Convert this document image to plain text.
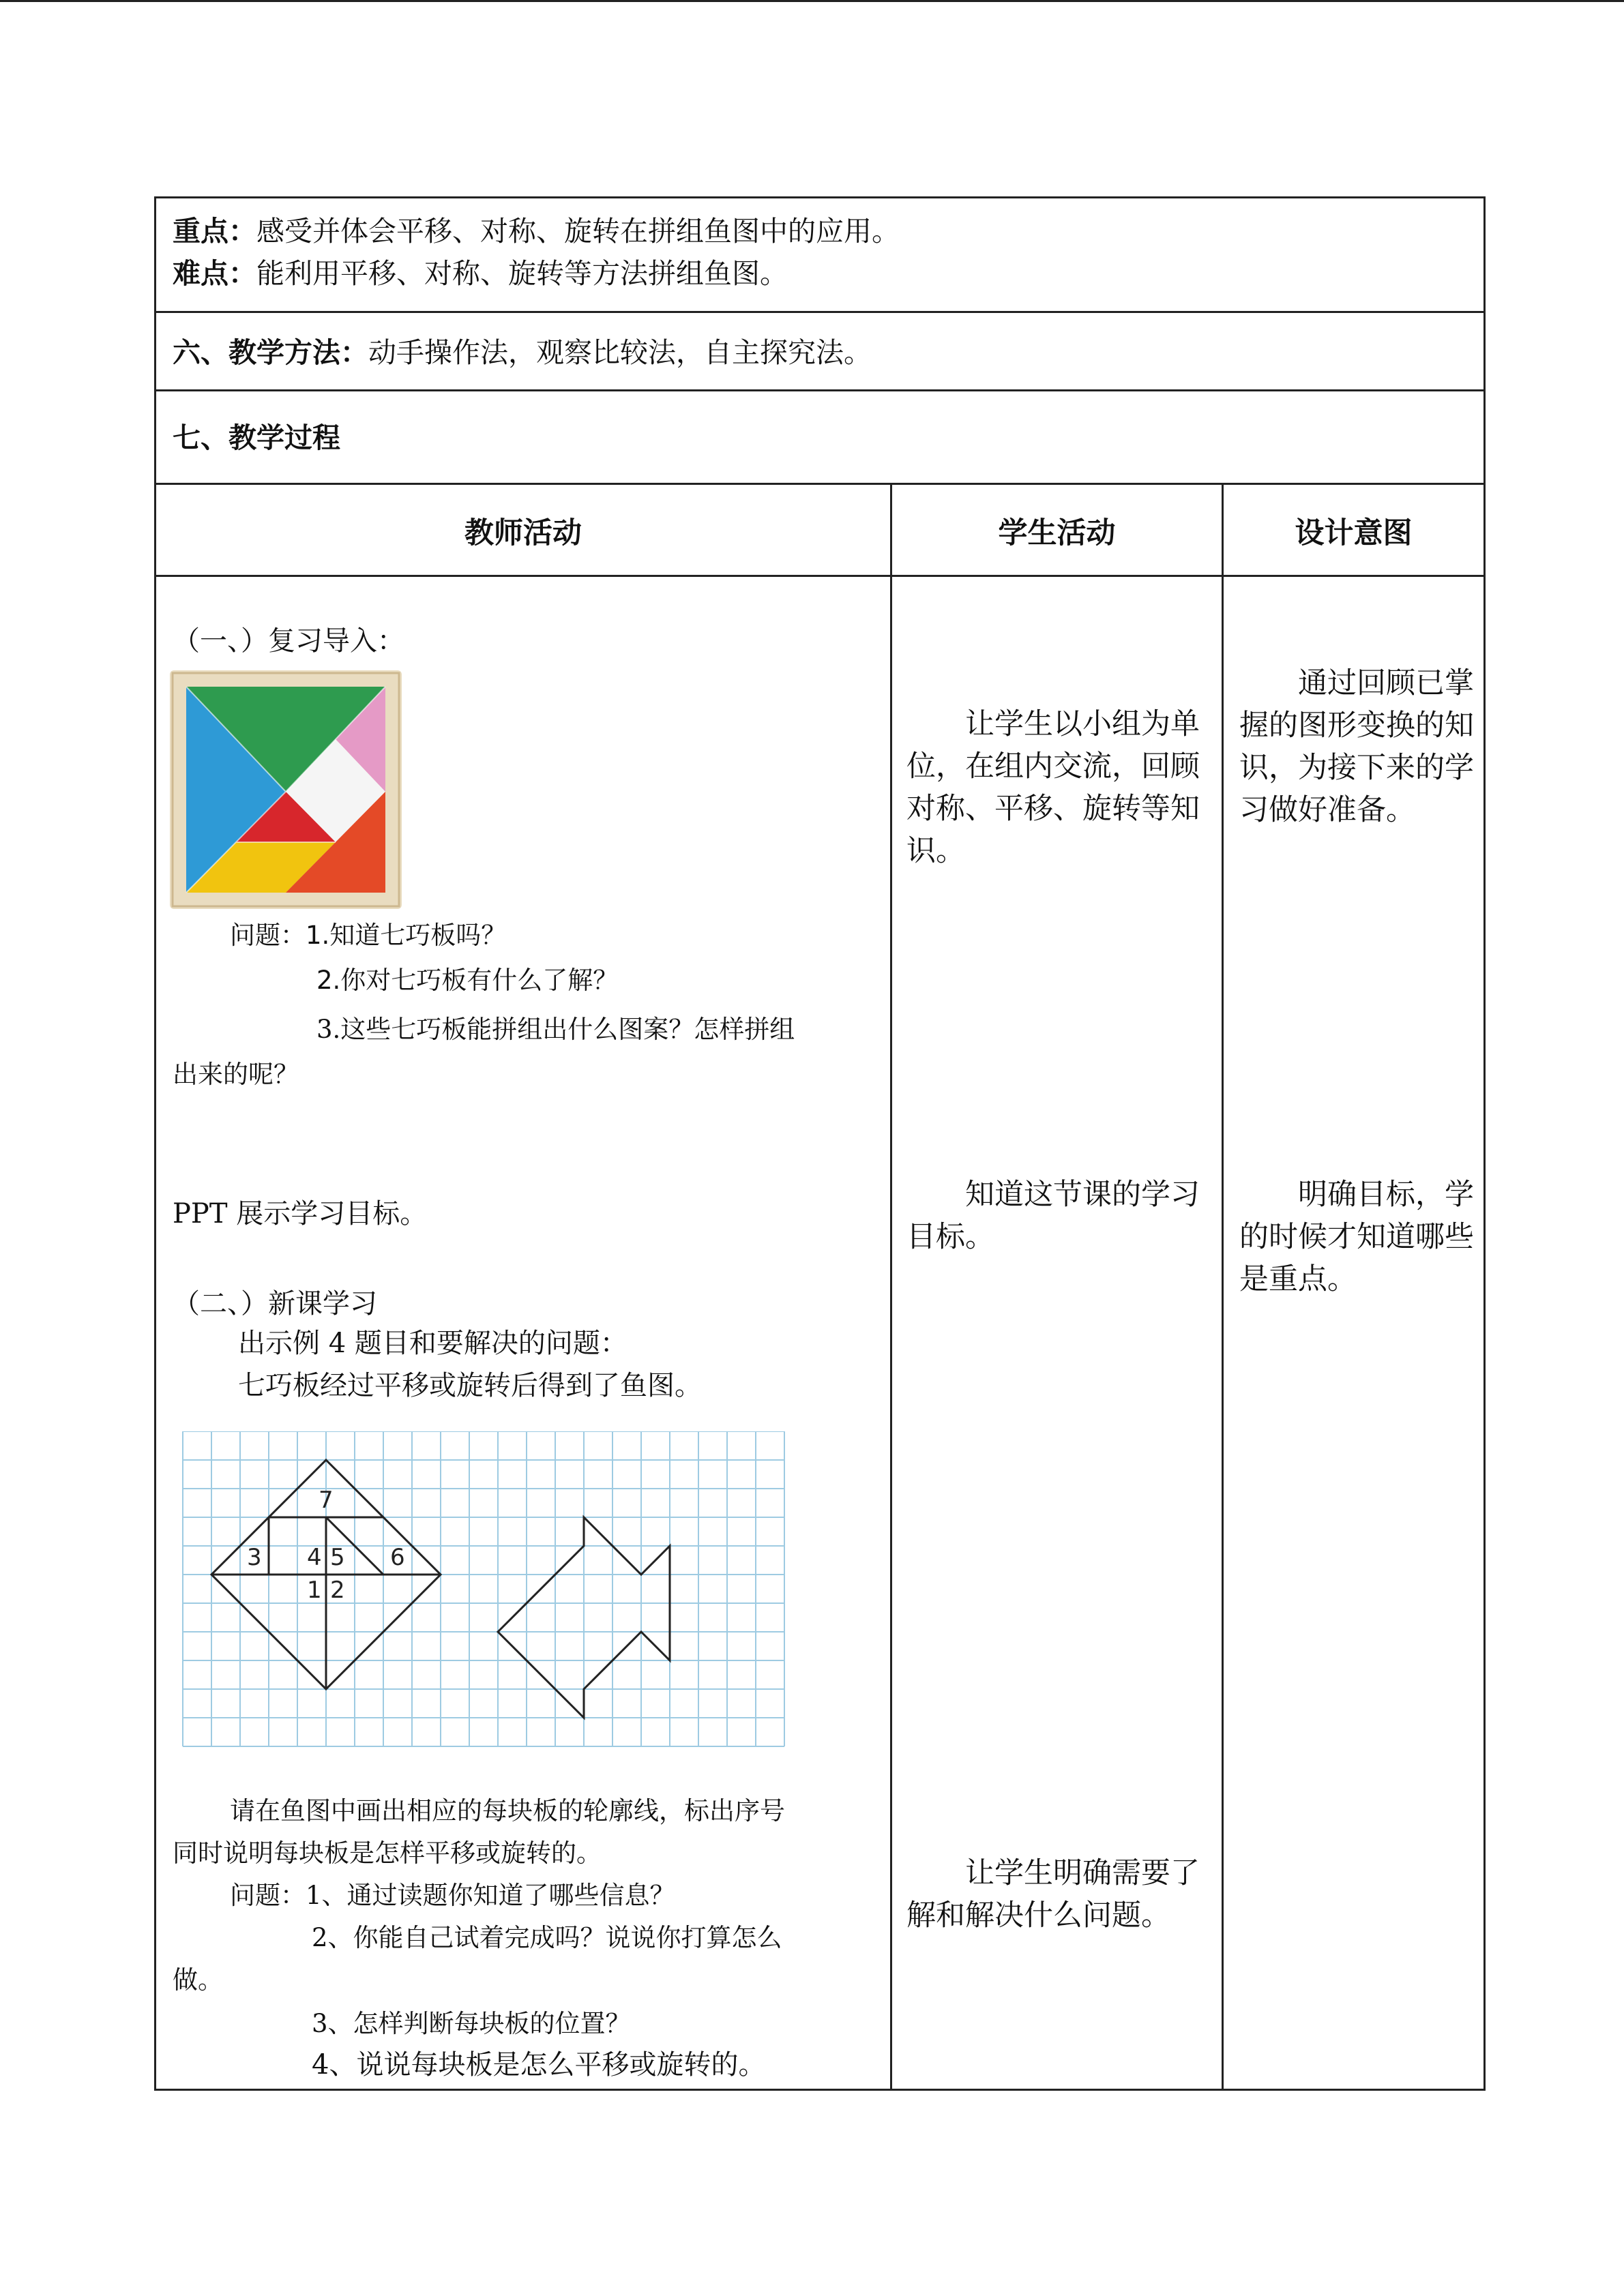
重点：感受并体会平移、对称、旋转在拼组鱼图中的应用。
难点：能利用平移、对称、旋转等方法拼组鱼图。
六、教学方法：动手操作法，观察比较法，自主探究法。
七、教学过程
教师活动	学生活动	设计意图
（一、）复习导入：
问题：1.知道七巧板吗？
2.你对七巧板有什么了解？
3.这些七巧板能拼组出什么图案？怎样拼组
出来的呢？
PPT 展示学习目标。
（二、）新课学习
出示例 4 题目和要解决的问题：
七巧板经过平移或旋转后得到了鱼图。
7
3 4 5 6
1 2
请在鱼图中画出相应的每块板的轮廓线，标出序号
同时说明每块板是怎样平移或旋转的。
问题：1、通过读题你知道了哪些信息？
2、你能自己试着完成吗？说说你打算怎么
做。
3、怎样判断每块板的位置？
4、说说每块板是怎么平移或旋转的。
　　让学生以小组为单位，在组内交流，回顾对称、平移、旋转等知识。
　　知道这节课的学习目标。
　　让学生明确需要了解和解决什么问题。
　　通过回顾已掌握的图形变换的知识，为接下来的学习做好准备。
　　明确目标，学的时候才知道哪些是重点。
